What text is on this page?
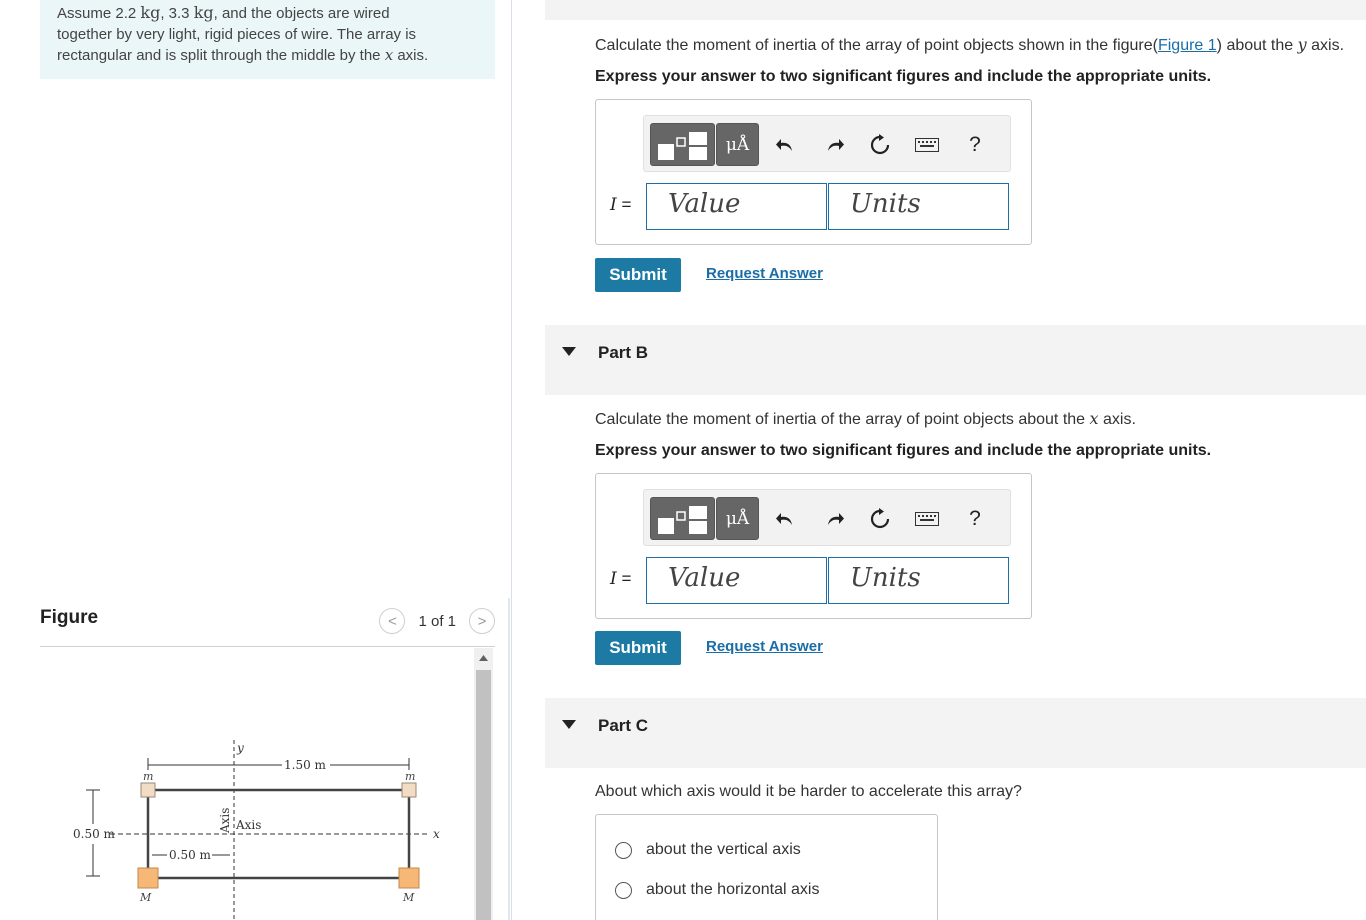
Assume 2.2 kg, 3.3 kg, and the objects are wired
together by very light, rigid pieces of wire. The array is
rectangular and is split through the middle by the x axis.
Figure	< 1 of 1 >
1.50 m
y
x
m	m
M	M
0.50 m
0.50 m
Axis
Axis
Calculate the moment of inertia of the array of point objects shown in the figure(Figure 1) about the y axis.
Express your answer to two significant figures and include the appropriate units.
μÅ	?
I =	Value	Units
Submit	Request Answer
Part B
Calculate the moment of inertia of the array of point objects about the x axis.
Express your answer to two significant figures and include the appropriate units.
μÅ	?
I =	Value	Units
Submit	Request Answer
Part C
About which axis would it be harder to accelerate this array?
about the vertical axis
about the horizontal axis
